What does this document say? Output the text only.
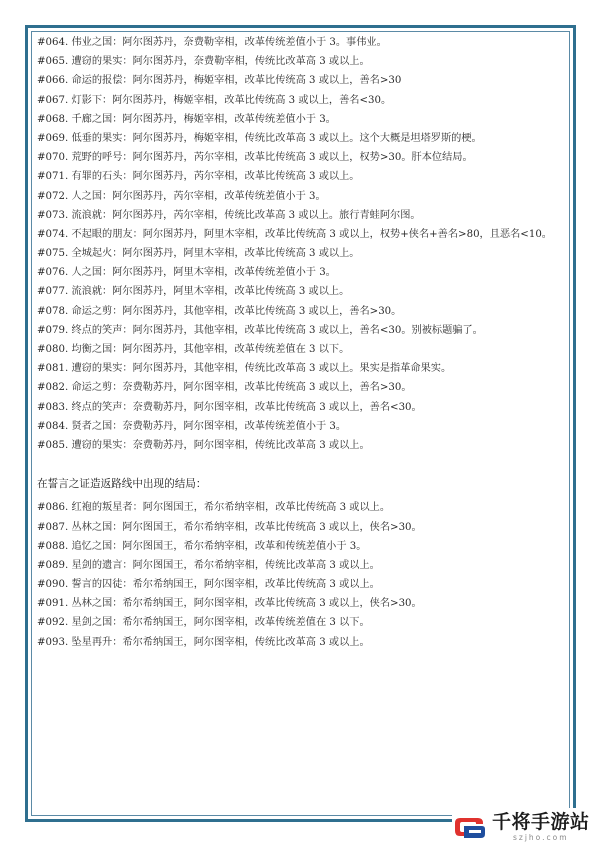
#064. 伟业之国：阿尔图苏丹，奈费勒宰相，改革传统差值小于 3。事伟业。
#065. 遭窃的果实：阿尔图苏丹，奈费勒宰相，传统比改革高 3 或以上。
#066. 命运的报偿：阿尔图苏丹，梅姬宰相，改革比传统高 3 或以上，善名>30
#067. 灯影下：阿尔图苏丹，梅姬宰相，改革比传统高 3 或以上，善名<30。
#068. 千廊之国：阿尔图苏丹，梅姬宰相，改革传统差值小于 3。
#069. 低垂的果实：阿尔图苏丹，梅姬宰相，传统比改革高 3 或以上。这个大概是坦塔罗斯的梗。
#070. 荒野的呼号：阿尔图苏丹，芮尔宰相，改革比传统高 3 或以上，权势>30。肝本位结局。
#071. 有罪的石头：阿尔图苏丹，芮尔宰相，改革比传统高 3 或以上。
#072. 人之国：阿尔图苏丹，芮尔宰相，改革传统差值小于 3。
#073. 流浪就：阿尔图苏丹，芮尔宰相，传统比改革高 3 或以上。旅行青蛙阿尔图。
#074. 不起眼的朋友：阿尔图苏丹，阿里木宰相，改革比传统高 3 或以上，权势+侠名+善名>80，且恶名<10。
#075. 全城起火：阿尔图苏丹，阿里木宰相，改革比传统高 3 或以上。
#076. 人之国：阿尔图苏丹，阿里木宰相，改革传统差值小于 3。
#077. 流浪就：阿尔图苏丹，阿里木宰相，改革比传统高 3 或以上。
#078. 命运之剪：阿尔图苏丹，其他宰相，改革比传统高 3 或以上，善名>30。
#079. 终点的笑声：阿尔图苏丹，其他宰相，改革比传统高 3 或以上，善名<30。别被标题骗了。
#080. 均衡之国：阿尔图苏丹，其他宰相，改革传统差值在 3 以下。
#081. 遭窃的果实：阿尔图苏丹，其他宰相，传统比改革高 3 或以上。果实是指革命果实。
#082. 命运之剪：奈费勒苏丹，阿尔图宰相，改革比传统高 3 或以上，善名>30。
#083. 终点的笑声：奈费勒苏丹，阿尔图宰相，改革比传统高 3 或以上，善名<30。
#084. 贤者之国：奈费勒苏丹，阿尔图宰相，改革传统差值小于 3。
#085. 遭窃的果实：奈费勒苏丹，阿尔图宰相，传统比改革高 3 或以上。
在誓言之证造返路线中出现的结局：
#086. 红袍的叛星者：阿尔图国王，希尔希纳宰相，改革比传统高 3 或以上。
#087. 丛林之国：阿尔图国王，希尔希纳宰相，改革比传统高 3 或以上，侠名>30。
#088. 追忆之国：阿尔图国王，希尔希纳宰相，改革和传统差值小于 3。
#089. 星剑的遗言：阿尔图国王，希尔希纳宰相，传统比改革高 3 或以上。
#090. 誓言的囚徒：希尔希纳国王，阿尔图宰相，改革比传统高 3 或以上。
#091. 丛林之国：希尔希纳国王，阿尔图宰相，改革比传统高 3 或以上，侠名>30。
#092. 星剑之国：希尔希纳国王，阿尔图宰相，改革传统差值在 3 以下。
#093. 坠星再升：希尔希纳国王，阿尔图宰相，传统比改革高 3 或以上。
千将手游站
szjho.com
